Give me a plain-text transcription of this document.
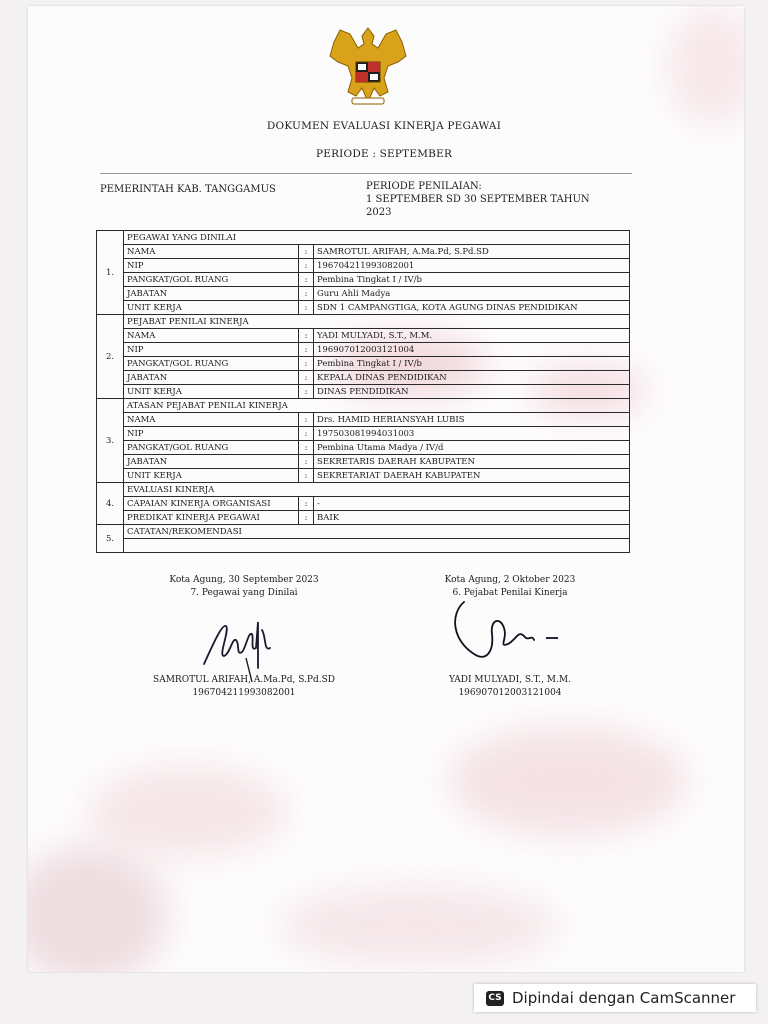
DOKUMEN EVALUASI KINERJA PEGAWAI
PERIODE : SEPTEMBER
PEMERINTAH KAB. TANGGAMUS	PERIODE PENILAIAN:
1 SEPTEMBER SD 30 SEPTEMBER TAHUN
2023
1.	PEGAWAI YANG DINILAI		
	NAMA	:	SAMROTUL ARIFAH, A.Ma.Pd, S.Pd.SD
	NIP	:	196704211993082001
	PANGKAT/GOL RUANG	:	Pembina Tingkat I / IV/b
	JABATAN	:	Guru Ahli Madya
	UNIT KERJA	:	SDN 1 CAMPANGTIGA, KOTA AGUNG DINAS PENDIDIKAN
2.	PEJABAT PENILAI KINERJA		
	NAMA	:	YADI MULYADI, S.T., M.M.
	NIP	:	196907012003121004
	PANGKAT/GOL RUANG	:	Pembina Tingkat I / IV/b
	JABATAN	:	KEPALA DINAS PENDIDIKAN
	UNIT KERJA	:	DINAS PENDIDIKAN
3.	ATASAN PEJABAT PENILAI KINERJA		
	NAMA	:	Drs. HAMID HERIANSYAH LUBIS
	NIP	:	197503081994031003
	PANGKAT/GOL RUANG	:	Pembina Utama Madya / IV/d
	JABATAN	:	SEKRETARIS DAERAH KABUPATEN
	UNIT KERJA	:	SEKRETARIAT DAERAH KABUPATEN
4.	EVALUASI KINERJA		
	CAPAIAN KINERJA ORGANISASI	:	-
	PREDIKAT KINERJA PEGAWAI	:	BAIK
5.	CATATAN/REKOMENDASI		

Kota Agung, 30 September 2023
7. Pegawai yang Dinilai
SAMROTUL ARIFAH, A.Ma.Pd, S.Pd.SD
196704211993082001
Kota Agung, 2 Oktober 2023
6. Pejabat Penilai Kinerja
YADI MULYADI, S.T., M.M.
196907012003121004
CS Dipindai dengan CamScanner
